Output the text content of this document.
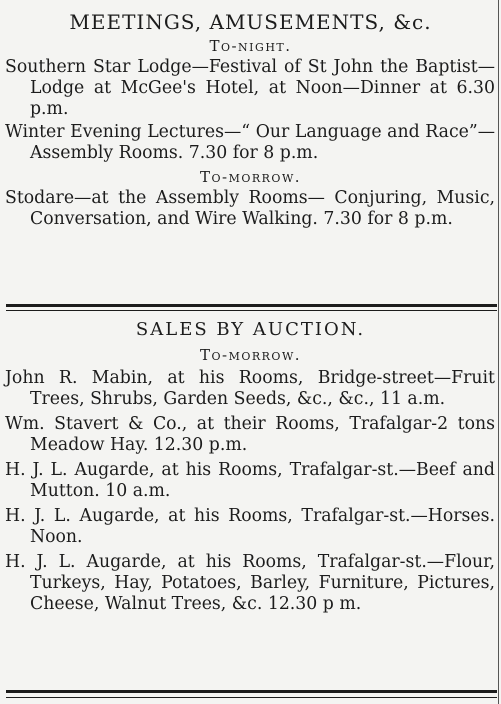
MEETINGS, AMUSEMENTS, &c.
To-night.

Southern Star Lodge—Festival of St John the Baptist—Lodge at McGee's Hotel, at Noon—Dinner at 6.30 p.m.

Winter Evening Lectures—“ Our Language and Race”—Assembly Rooms. 7.30 for 8 p.m.

To-morrow.

Stodare—at the Assembly Rooms— Conjuring, Music, Conversation, and Wire Walking. 7.30 for 8 p.m.

SALES BY AUCTION.
To-morrow.

John R. Mabin, at his Rooms, Bridge-street—Fruit Trees, Shrubs, Garden Seeds, &c., &c., 11 a.m.

Wm. Stavert & Co., at their Rooms, Trafalgar-2 tons Meadow Hay. 12.30 p.m.

H. J. L. Augarde, at his Rooms, Trafalgar-st.—Beef and Mutton. 10 a.m.

H. J. L. Augarde, at his Rooms, Trafalgar-st.—Horses. Noon.

H. J. L. Augarde, at his Rooms, Trafalgar-st.—Flour, Turkeys, Hay, Potatoes, Barley, Furniture, Pictures, Cheese, Walnut Trees, &c. 12.30 p m.
